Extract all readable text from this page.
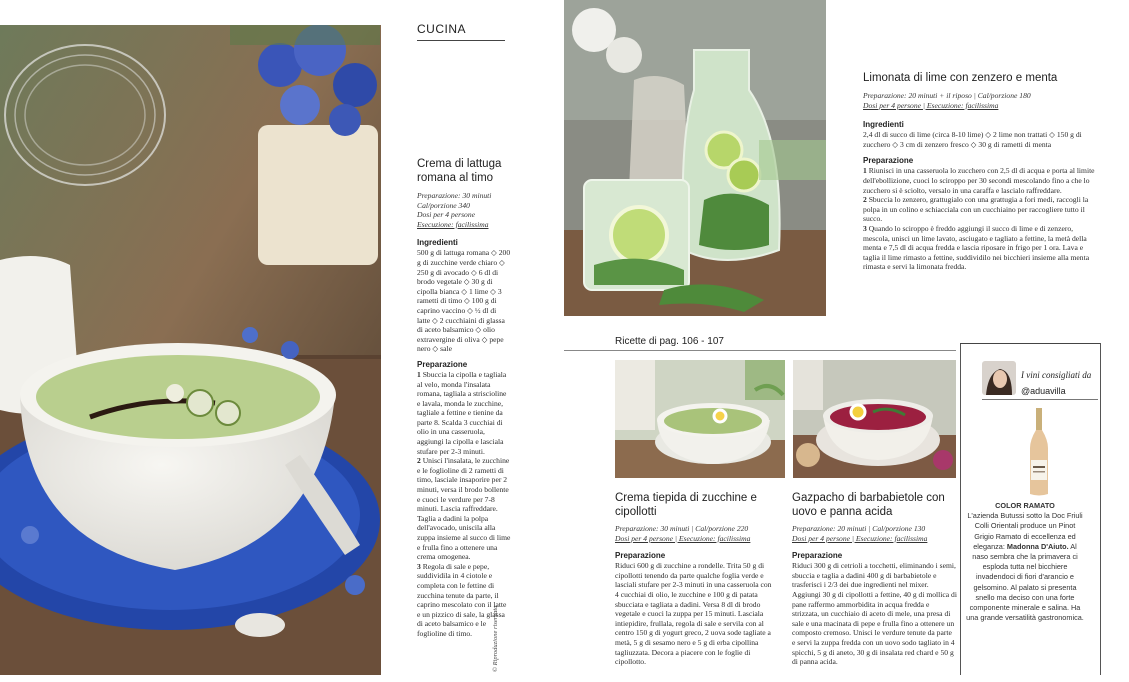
CUCINA
Crema di lattuga romana al timo
Preparazione: 30 minuti
Cal/porzione 340
Dosi per 4 persone
Esecuzione: facilissima
Ingredienti
500 g di lattuga romana ◇ 200 g di zucchine verde chiaro ◇ 250 g di avocado ◇ 6 dl di brodo vegetale ◇ 30 g di cipolla bianca ◇ 1 lime ◇ 3 rametti di timo ◇ 100 g di caprino vaccino ◇ ½ dl di latte ◇ 2 cucchiaini di glassa di aceto balsamico ◇ olio extravergine di oliva ◇ pepe nero ◇ sale
Preparazione
1 Sbuccia la cipolla e tagliala al velo, monda l'insalata romana, tagliala a striscioline e lavala, monda le zucchine, tagliale a fettine e tienine da parte 8. Scalda 3 cucchiai di olio in una casseruola, aggiungi la cipolla e lasciala stufare per 2-3 minuti.
2 Unisci l'insalata, le zucchine e le foglioline di 2 rametti di timo, lasciale insaporire per 2 minuti, versa il brodo bollente e cuoci le verdure per 7-8 minuti. Lascia raffreddare. Taglia a dadini la polpa dell'avocado, uniscila alla zuppa insieme al succo di lime e frulla fino a ottenere una crema omogenea.
3 Regola di sale e pepe, suddividila in 4 ciotole e completa con le fettine di zucchina tenute da parte, il caprino mescolato con il latte e un pizzico di sale, la glassa di aceto balsamico e le foglioline di timo.	© Riproduzione riservata
Limonata di lime con zenzero e menta
Preparazione: 20 minuti + il riposo | Cal/porzione 180
Dosi per 4 persone | Esecuzione: facilissima
Ingredienti
2,4 dl di succo di lime (circa 8-10 lime) ◇ 2 lime non trattati ◇ 150 g di zucchero ◇ 3 cm di zenzero fresco ◇ 30 g di rametti di menta
Preparazione
1 Riunisci in una casseruola lo zucchero con 2,5 dl di acqua e porta al limite dell'ebollizione, cuoci lo sciroppo per 30 secondi mescolando fino a che lo zucchero si è sciolto, versalo in una caraffa e lascialo raffreddare.
2 Sbuccia lo zenzero, grattugialo con una grattugia a fori medi, raccogli la polpa in un colino e schiacciala con un cucchiaino per raccogliere tutto il succo.
3 Quando lo sciroppo è freddo aggiungi il succo di lime e di zenzero, mescola, unisci un lime lavato, asciugato e tagliato a fettine, la metà della menta e 7,5 dl di acqua fredda e lascia riposare in frigo per 1 ora. Lava e taglia il lime rimasto a fettine, suddividilo nei bicchieri insieme alla menta rimasta e servi la limonata fredda.
Ricette di pag. 106 - 107
Crema tiepida di zucchine e cipollotti
Preparazione: 30 minuti | Cal/porzione 220
Dosi per 4 persone | Esecuzione: facilissima
Preparazione
Riduci 600 g di zucchine a rondelle. Trita 50 g di cipollotti tenendo da parte qualche foglia verde e lasciali stufare per 2-3 minuti in una casseruola con 4 cucchiai di olio, le zucchine e 100 g di patata sbucciata e tagliata a dadini. Versa 8 dl di brodo vegetale e cuoci la zuppa per 15 minuti. Lasciala intiepidire, frullala, regola di sale e servila con al centro 150 g di yogurt greco, 2 uova sode tagliate a metà, 5 g di sesamo nero e 5 g di erba cipollina tagliuzzata. Decora a piacere con le foglie di cipollotto.
Gazpacho di barbabietole con uovo e panna acida
Preparazione: 20 minuti | Cal/porzione 130
Dosi per 4 persone | Esecuzione: facilissima
Preparazione
Riduci 300 g di cetrioli a tocchetti, eliminando i semi, sbuccia e taglia a dadini 400 g di barbabietole e trasferisci i 2/3 dei due ingredienti nel mixer. Aggiungi 30 g di cipollotti a fettine, 40 g di mollica di pane raffermo ammorbidita in acqua fredda e strizzata, un cucchiaio di aceto di mele, una presa di sale e una macinata di pepe e frulla fino a ottenere un composto cremoso. Unisci le verdure tenute da parte e servi la zuppa fredda con un uovo sodo tagliato in 4 spicchi, 5 g di aneto, 30 g di insalata red chard e 50 g di panna acida.
I vini consigliati da
@aduavilla
COLOR RAMATO
L'azienda Butussi sotto la Doc Friuli Colli Orientali produce un Pinot Grigio Ramato di eccellenza ed eleganza: Madonna D'Aiuto. Al naso sembra che la primavera ci esploda tutta nel bicchiere invadendoci di fiori d'arancio e gelsomino. Al palato si presenta snello ma deciso con una forte componente minerale e salina. Ha una grande versatilità gastronomica.
